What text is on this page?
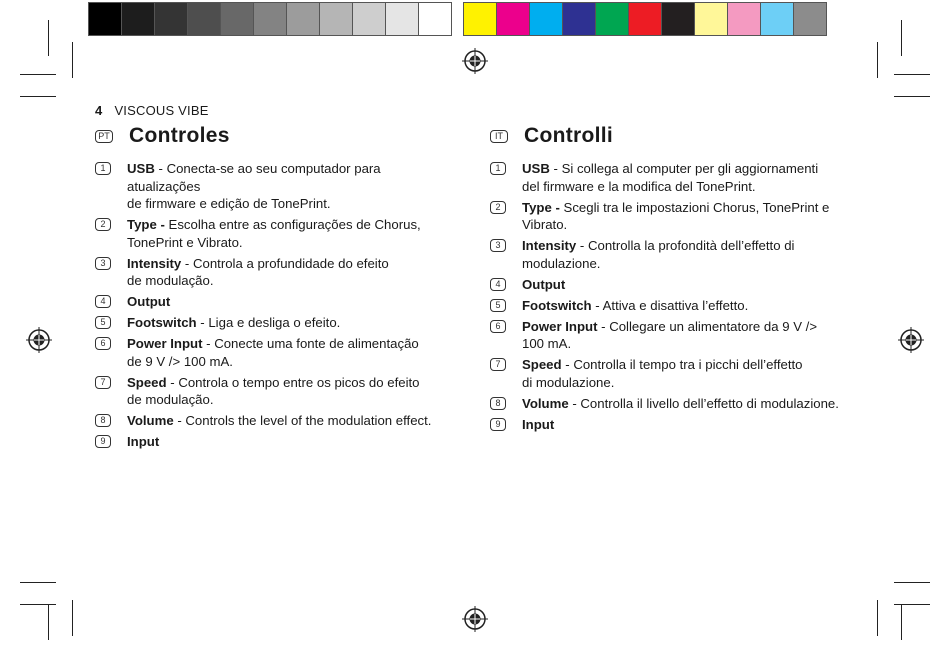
4 VISCOUS VIBE
PT Controles
1	USB - Conecta-se ao seu computador para atualizações
de firmware e edição de TonePrint.
2	Type - Escolha entre as configurações de Chorus,
TonePrint e Vibrato.
3	Intensity - Controla a profundidade do efeito
de modulação.
4	Output
5	Footswitch - Liga e desliga o efeito.
6	Power Input - Conecte uma fonte de alimentação
de 9 V /> 100 mA.
7	Speed - Controla o tempo entre os picos do efeito
de modulação.
8	Volume - Controls the level of the modulation effect.
9	Input
IT Controlli
1	USB - Si collega al computer per gli aggiornamenti
del firmware e la modifica del TonePrint.
2	Type - Scegli tra le impostazioni Chorus, TonePrint e Vibrato.
3	Intensity - Controlla la profondità dell’effetto di modulazione.
4	Output
5	Footswitch - Attiva e disattiva l’effetto.
6	Power Input - Collegare un alimentatore da 9 V /> 100 mA.
7	Speed - Controlla il tempo tra i picchi dell’effetto
di modulazione.
8	Volume - Controlla il livello dell’effetto di modulazione.
9	Input
